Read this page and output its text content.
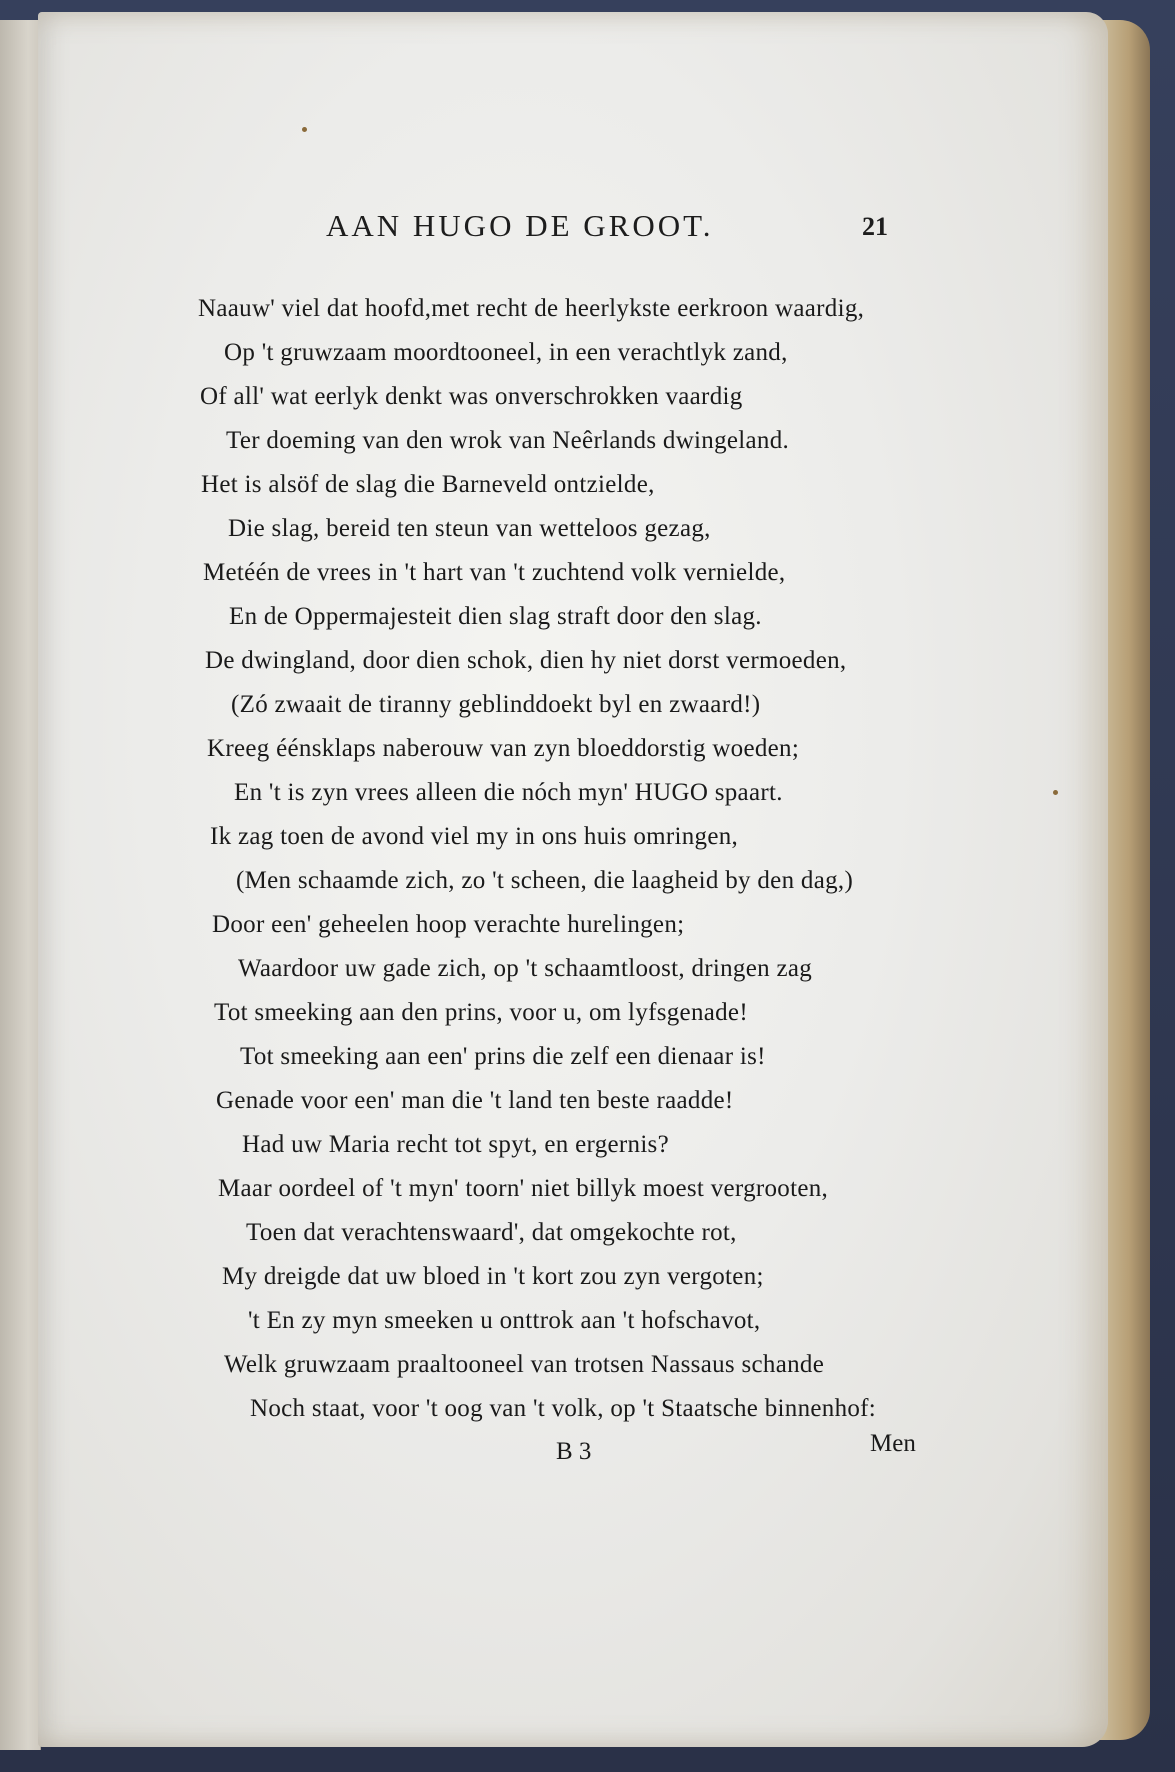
AAN HUGO DE GROOT.	21
Naauw' viel dat hoofd,met recht de heerlykste eerkroon waardig,
Op 't gruwzaam moordtooneel, in een verachtlyk zand,
Of all' wat eerlyk denkt was onverschrokken vaardig
Ter doeming van den wrok van Neêrlands dwingeland.
Het is alsöf de slag die Barneveld ontzielde,
Die slag, bereid ten steun van wetteloos gezag,
Metéén de vrees in 't hart van 't zuchtend volk vernielde,
En de Oppermajesteit dien slag straft door den slag.
De dwingland, door dien schok, dien hy niet dorst vermoeden,
(Zó zwaait de tiranny geblinddoekt byl en zwaard!)
Kreeg éénsklaps naberouw van zyn bloeddorstig woeden;
En 't is zyn vrees alleen die nóch myn' HUGO spaart.
Ik zag toen de avond viel my in ons huis omringen,
(Men schaamde zich, zo 't scheen, die laagheid by den dag,)
Door een' geheelen hoop verachte hurelingen;
Waardoor uw gade zich, op 't schaamtloost, dringen zag
Tot smeeking aan den prins, voor u, om lyfsgenade!
Tot smeeking aan een' prins die zelf een dienaar is!
Genade voor een' man die 't land ten beste raadde!
Had uw Maria recht tot spyt, en ergernis?
Maar oordeel of 't myn' toorn' niet billyk moest vergrooten,
Toen dat verachtenswaard', dat omgekochte rot,
My dreigde dat uw bloed in 't kort zou zyn vergoten;
't En zy myn smeeken u onttrok aan 't hofschavot,
Welk gruwzaam praaltooneel van trotsen Nassaus schande
Noch staat, voor 't oog van 't volk, op 't Staatsche binnenhof:
B 3	Men
